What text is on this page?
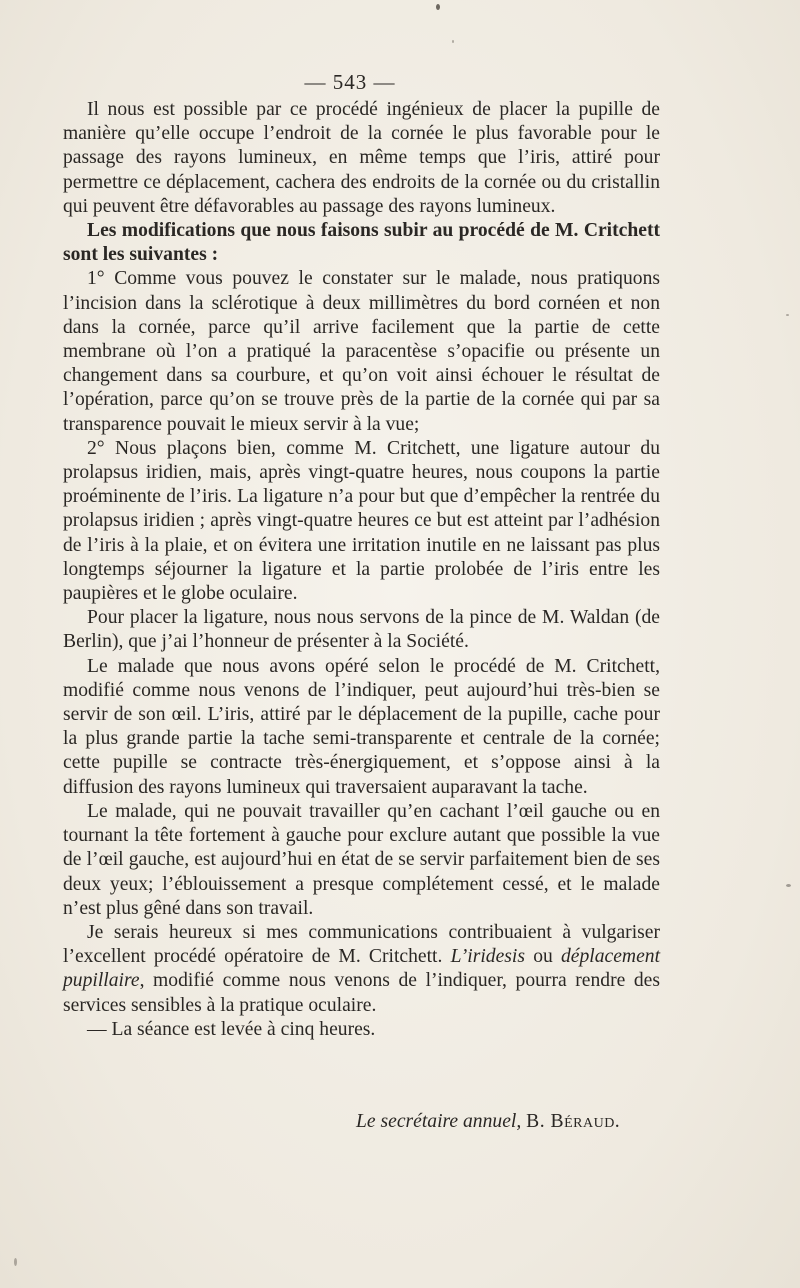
— 543 —

Il nous est possible par ce procédé ingénieux de placer la pupille de manière qu’elle occupe l’endroit de la cornée le plus favorable pour le passage des rayons lumineux, en même temps que l’iris, attiré pour permettre ce déplacement, cachera des endroits de la cornée ou du cristallin qui peuvent être défavorables au passage des rayons lumineux.

Les modifications que nous faisons subir au procédé de M. Critchett sont les suivantes :

1° Comme vous pouvez le constater sur le malade, nous pratiquons l’incision dans la sclérotique à deux millimètres du bord cornéen et non dans la cornée, parce qu’il arrive facilement que la partie de cette membrane où l’on a pratiqué la paracentèse s’opacifie ou présente un changement dans sa courbure, et qu’on voit ainsi échouer le résultat de l’opération, parce qu’on se trouve près de la partie de la cornée qui par sa transparence pouvait le mieux servir à la vue;

2° Nous plaçons bien, comme M. Critchett, une ligature autour du prolapsus iridien, mais, après vingt-quatre heures, nous coupons la partie proéminente de l’iris. La ligature n’a pour but que d’empêcher la rentrée du prolapsus iridien ; après vingt-quatre heures ce but est atteint par l’adhésion de l’iris à la plaie, et on évitera une irritation inutile en ne laissant pas plus longtemps séjourner la ligature et la partie prolobée de l’iris entre les paupières et le globe oculaire.

Pour placer la ligature, nous nous servons de la pince de M. Waldan (de Berlin), que j’ai l’honneur de présenter à la Société.

Le malade que nous avons opéré selon le procédé de M. Critchett, modifié comme nous venons de l’indiquer, peut aujourd’hui très-bien se servir de son œil. L’iris, attiré par le déplacement de la pupille, cache pour la plus grande partie la tache semi-transparente et centrale de la cornée; cette pupille se contracte très-énergiquement, et s’oppose ainsi à la diffusion des rayons lumineux qui traversaient auparavant la tache.

Le malade, qui ne pouvait travailler qu’en cachant l’œil gauche ou en tournant la tête fortement à gauche pour exclure autant que possible la vue de l’œil gauche, est aujourd’hui en état de se servir parfaitement bien de ses deux yeux; l’éblouissement a presque complétement cessé, et le malade n’est plus gêné dans son travail.

Je serais heureux si mes communications contribuaient à vulgariser l’excellent procédé opératoire de M. Critchett. L’iridesis ou déplacement pupillaire, modifié comme nous venons de l’indiquer, pourra rendre des services sensibles à la pratique oculaire.

— La séance est levée à cinq heures.

Le secrétaire annuel, B. Béraud.
